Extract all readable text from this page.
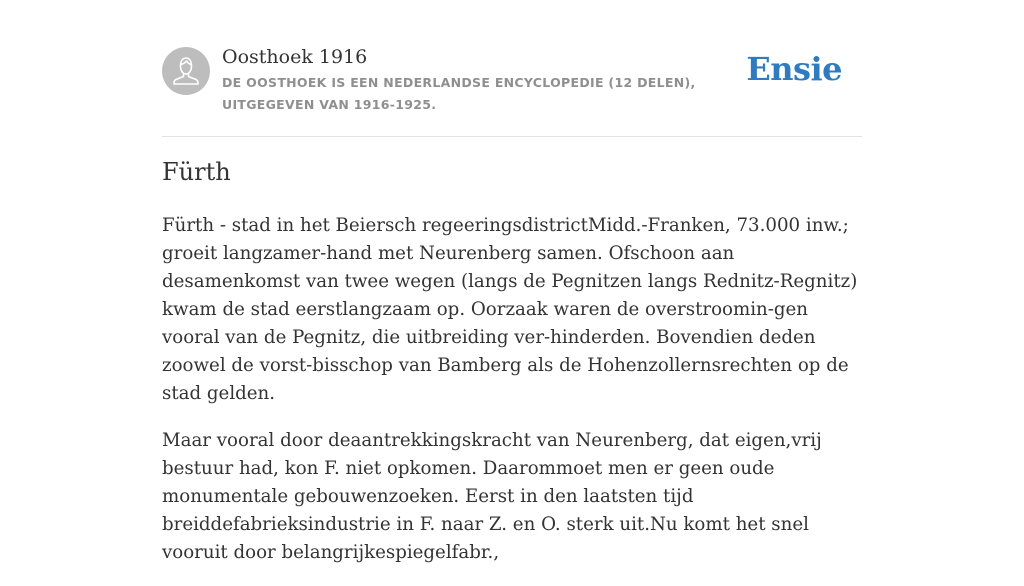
Oosthoek 1916
DE OOSTHOEK IS EEN NEDERLANDSE ENCYCLOPEDIE (12 DELEN), UITGEGEVEN VAN 1916-1925.
Ensie
Fürth

Fürth - stad in het Beiersch regeeringsdistrictMidd.-Franken, 73.000 inw.; groeit langzamer-hand met Neurenberg samen. Ofschoon aan desamenkomst van twee wegen (langs de Pegnitzen langs Rednitz-Regnitz) kwam de stad eerstlangzaam op. Oorzaak waren de overstroomin-gen vooral van de Pegnitz, die uitbreiding ver-hinderden. Bovendien deden zoowel de vorst-bisschop van Bamberg als de Hohenzollernsrechten op de stad gelden.

Maar vooral door deaantrekkingskracht van Neurenberg, dat eigen,vrij bestuur had, kon F. niet opkomen. Daarommoet men er geen oude monumentale gebouwenzoeken. Eerst in den laatsten tijd breiddefabrieksindustrie in F. naar Z. en O. sterk uit.Nu komt het snel vooruit door belangrijkespiegelfabr.,
